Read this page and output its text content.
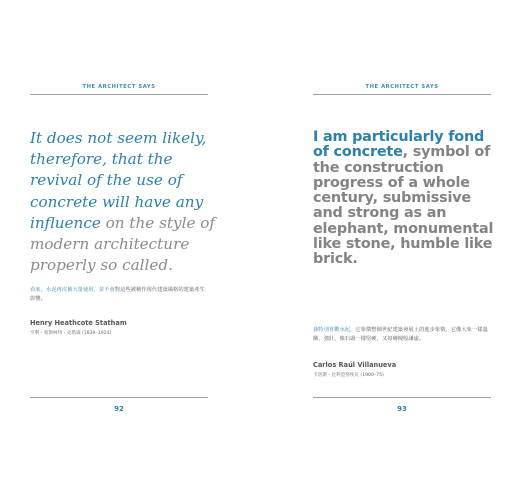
THE ARCHITECT SAYS

It does not seem likely, therefore, that the revival of the use of concrete will have any influence on the style of modern architecture properly so called.

看來，水泥再次被大量使用，並不會對這些被稱作現代建築風格的建築產生影響。
Henry Heathcote Statham
亨利・希斯柯特・史塔森 (1839–1924)
92
THE ARCHITECT SAYS

I am particularly fond of concrete, symbol of the construction progress of a whole century, submissive and strong as an elephant, monumental like stone, humble like brick.

我特別喜歡水泥，它象徵整個世紀建築發展上的進步象徵，它像大象一樣溫馴、強壯，像石頭一樣堅硬，又如磚塊般謙虛。
Carlos Raúl Villanueva
卡洛斯・比利亞努埃瓦 (1900–75)
93
